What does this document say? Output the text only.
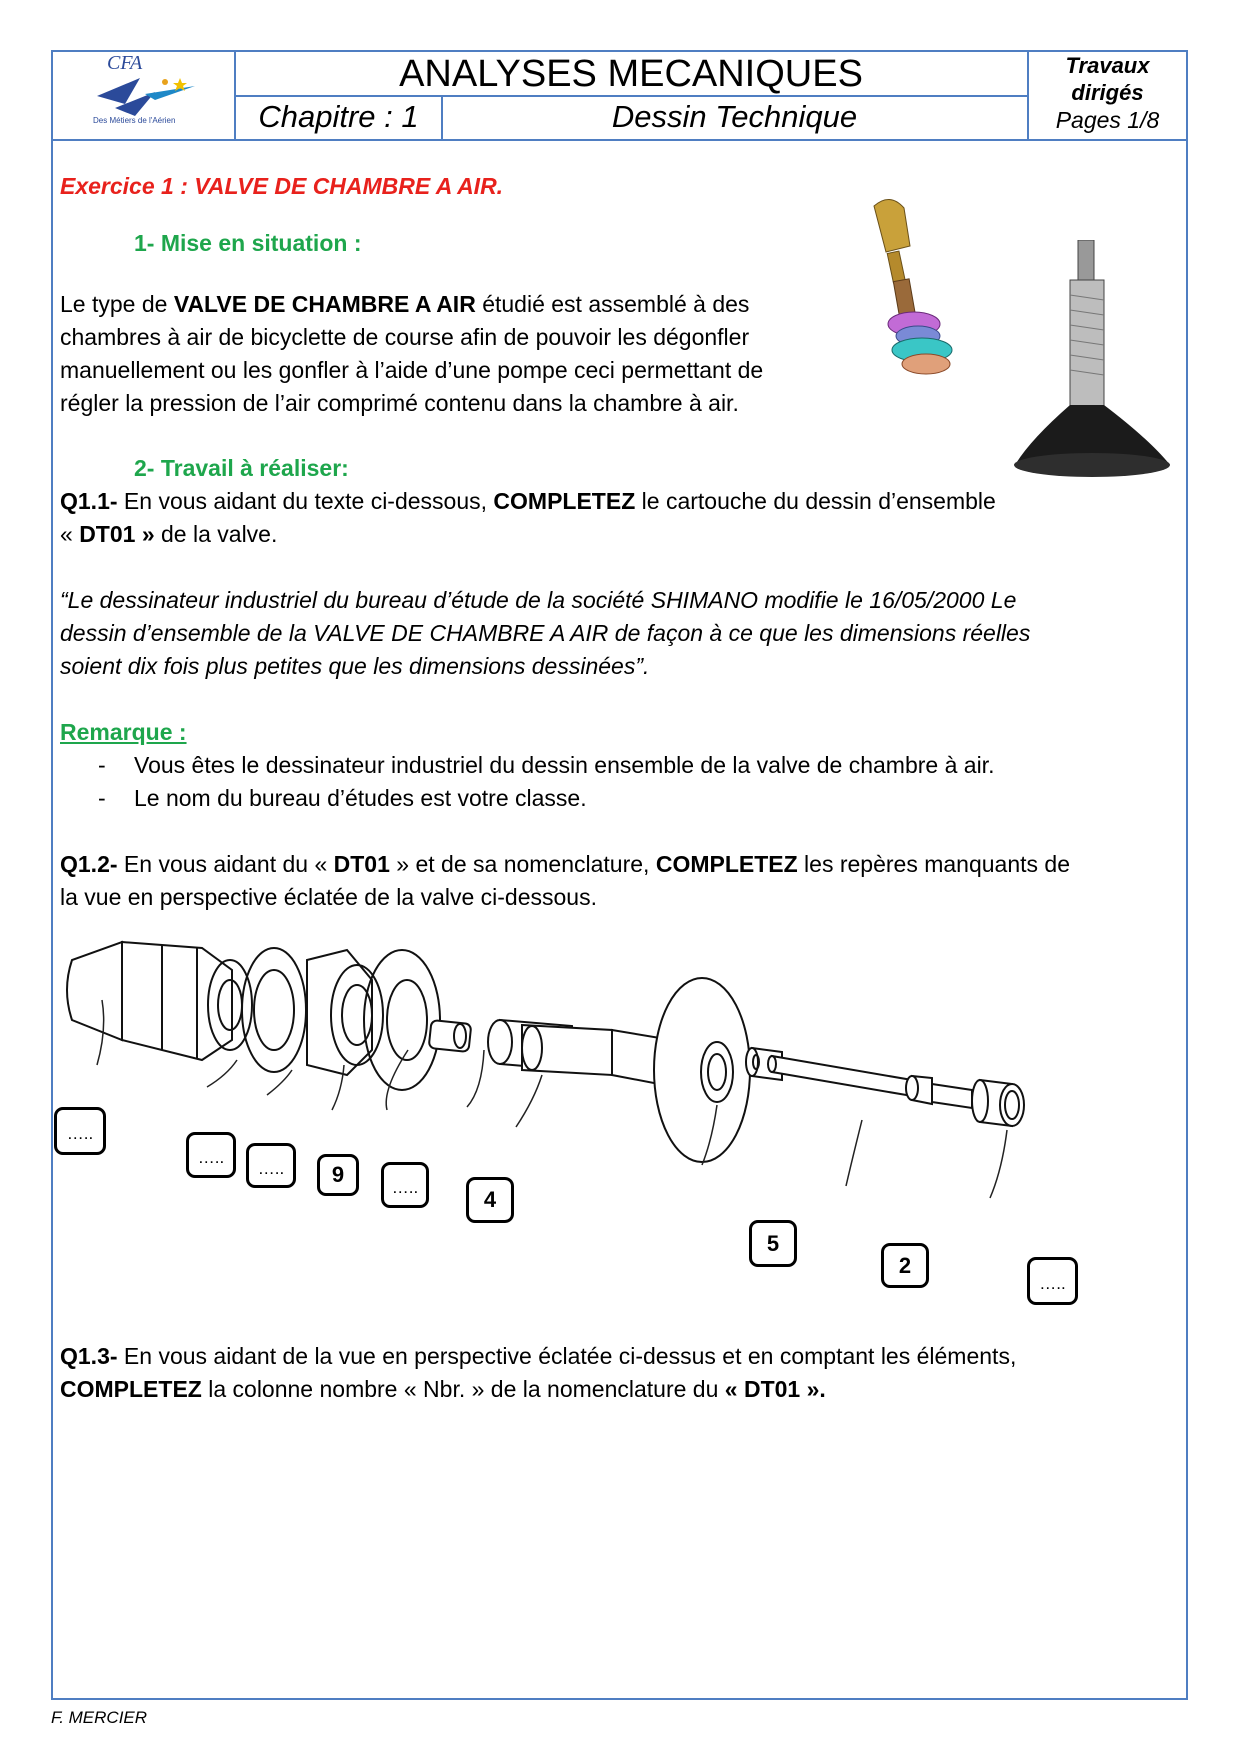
CFA
Des Métiers de l'Aérien
ANALYSES MECANIQUES
Chapitre : 1	Dessin Technique
Travaux
dirigés
Pages 1/8
Exercice 1 : VALVE DE CHAMBRE A AIR.
1- Mise en situation :
Le type de VALVE DE CHAMBRE A AIR étudié est assemblé à des
chambres à air de bicyclette de course afin de pouvoir les dégonfler
manuellement ou les gonfler à l’aide d’une pompe ceci permettant de
régler la pression de l’air comprimé contenu dans la chambre à air.
2- Travail à réaliser:
Q1.1- En vous aidant du texte ci-dessous, COMPLETEZ le cartouche du dessin d’ensemble
« DT01 » de la valve.
“Le dessinateur industriel du bureau d’étude de la société SHIMANO modifie le 16/05/2000 Le
dessin d’ensemble de la VALVE DE CHAMBRE A AIR de façon à ce que les dimensions réelles
soient dix fois plus petites que les dimensions dessinées”.
Remarque :
- Vous êtes le dessinateur industriel du dessin ensemble de la valve de chambre à air.
- Le nom du bureau d’études est votre classe.
Q1.2- En vous aidant du « DT01 » et de sa nomenclature, COMPLETEZ les repères manquants de
la vue en perspective éclatée de la valve ci-dessous.
…..
…..
…..	9
…..	4
5
2
…..
Q1.3- En vous aidant de la vue en perspective éclatée ci-dessus et en comptant les éléments,
COMPLETEZ la colonne nombre « Nbr. » de la nomenclature du « DT01 ».
F. MERCIER
